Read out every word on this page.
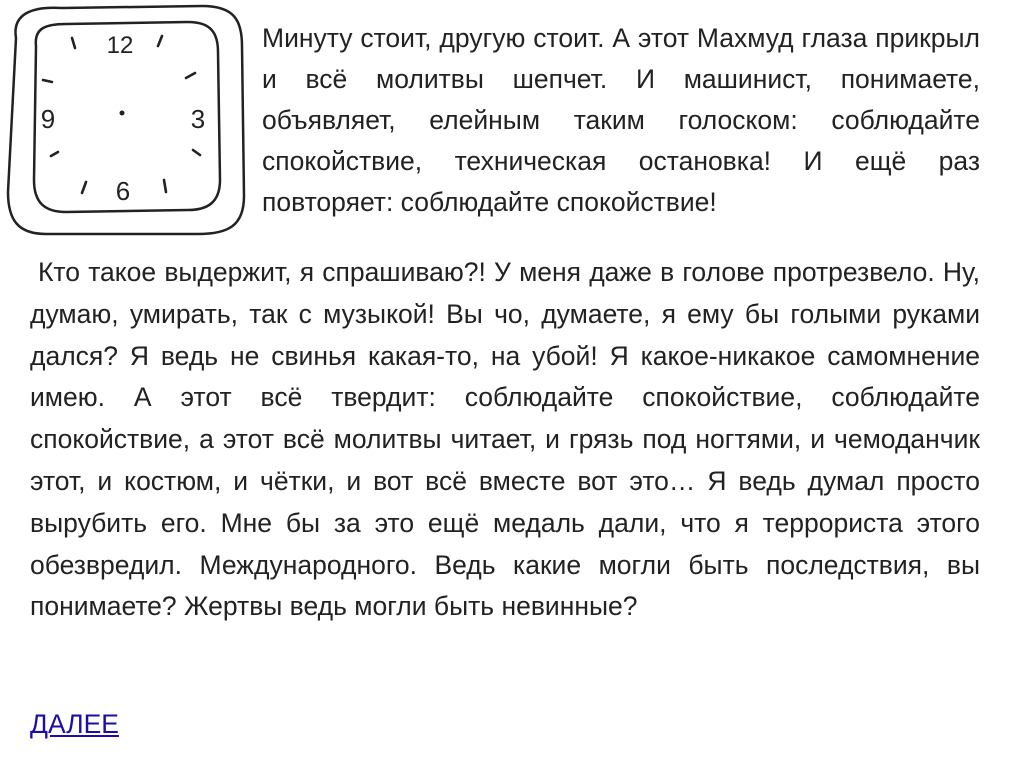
12
3
6
9

Минуту стоит, другую стоит. А этот Махмуд глаза прикрыл и всё молитвы шепчет. И машинист, понимаете, объявляет, елейным таким голоском: соблюдайте спокойствие, техническая остановка! И ещё раз повторяет: соблюдайте спокойствие!

Кто такое выдержит, я спрашиваю?! У меня даже в голове протрезвело. Ну, думаю, умирать, так с музыкой! Вы чо, думаете, я ему бы голыми руками дался? Я ведь не свинья какая-то, на убой! Я какое-никакое самомнение имею. А этот всё твердит: соблюдайте спокойствие, соблюдайте спокойствие, а этот всё молитвы читает, и грязь под ногтями, и чемоданчик этот, и костюм, и чётки, и вот всё вместе вот это… Я ведь думал просто вырубить его. Мне бы за это ещё медаль дали, что я террориста этого обезвредил. Международного. Ведь какие могли быть последствия, вы понимаете? Жертвы ведь могли быть невинные?

ДАЛЕЕ
